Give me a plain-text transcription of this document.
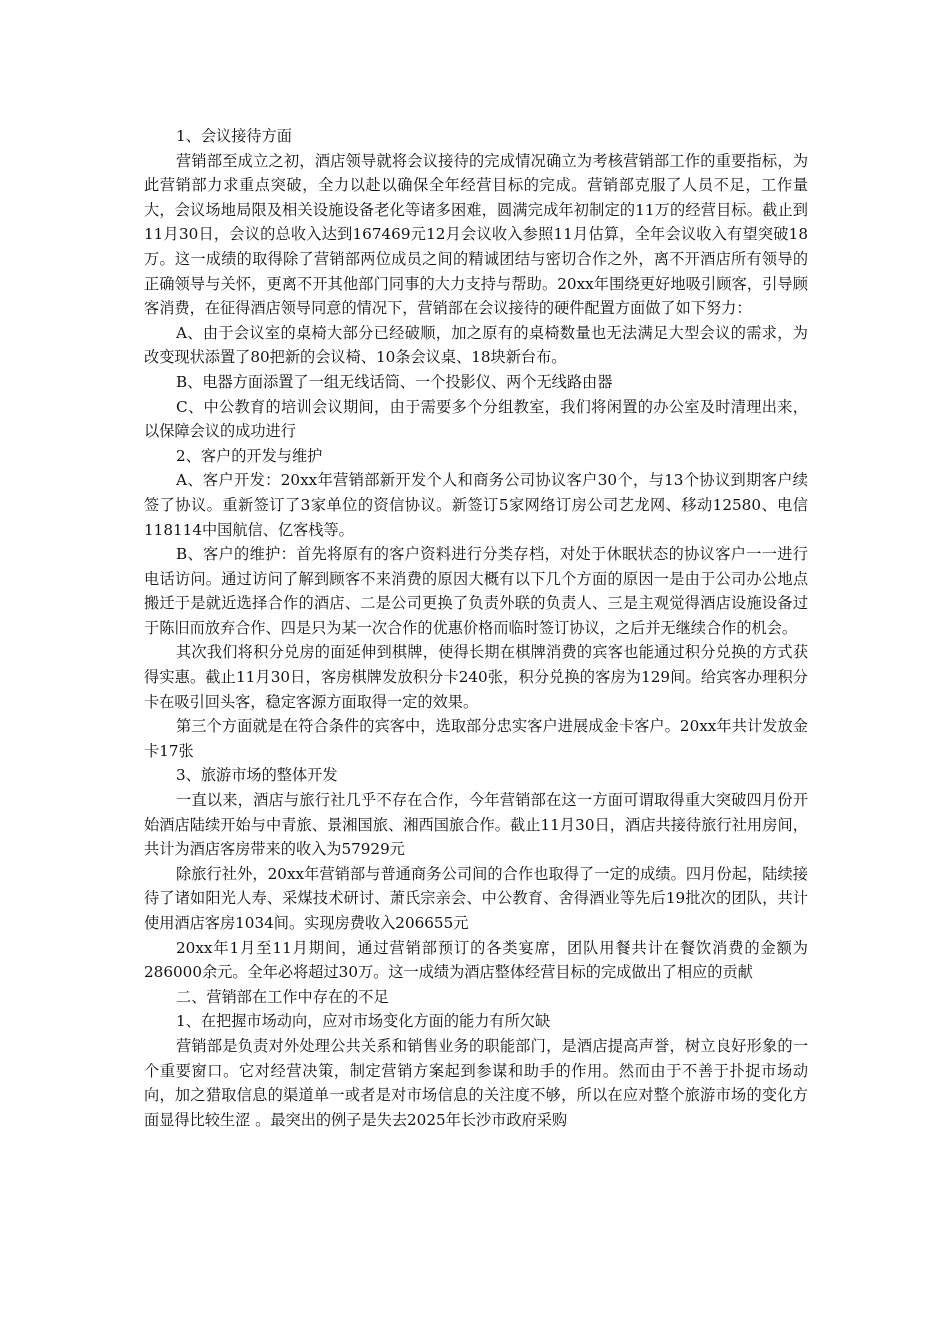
1、会议接待方面

营销部至成立之初，酒店领导就将会议接待的完成情况确立为考核营销部工作的重要指标，为此营销部力求重点突破，全力以赴以确保全年经营目标的完成。营销部克服了人员不足，工作量大，会议场地局限及相关设施设备老化等诸多困难，圆满完成年初制定的11万的经营目标。截止到11月30日，会议的总收入达到167469元12月会议收入参照11月估算，全年会议收入有望突破18万。这一成绩的取得除了营销部两位成员之间的精诚团结与密切合作之外，离不开酒店所有领导的正确领导与关怀，更离不开其他部门同事的大力支持与帮助。20xx年围绕更好地吸引顾客，引导顾客消费，在征得酒店领导同意的情况下，营销部在会议接待的硬件配置方面做了如下努力：

A、由于会议室的桌椅大部分已经破顺，加之原有的桌椅数量也无法满足大型会议的需求，为改变现状添置了80把新的会议椅、10条会议桌、18块新台布。

B、电器方面添置了一组无线话筒、一个投影仪、两个无线路由器

C、中公教育的培训会议期间，由于需要多个分组教室，我们将闲置的办公室及时清理出来，以保障会议的成功进行

2、客户的开发与维护

A、客户开发：20xx年营销部新开发个人和商务公司协议客户30个，与13个协议到期客户续签了协议。重新签订了3家单位的资信协议。新签订5家网络订房公司艺龙网、移动12580、电信118114中国航信、亿客栈等。

B、客户的维护：首先将原有的客户资料进行分类存档，对处于休眠状态的协议客户一一进行电话访问。通过访问了解到顾客不来消费的原因大概有以下几个方面的原因一是由于公司办公地点搬迁于是就近选择合作的酒店、二是公司更换了负责外联的负责人、三是主观觉得酒店设施设备过于陈旧而放弃合作、四是只为某一次合作的优惠价格而临时签订协议，之后并无继续合作的机会。

其次我们将积分兑房的面延伸到棋牌，使得长期在棋牌消费的宾客也能通过积分兑换的方式获得实惠。截止11月30日，客房棋牌发放积分卡240张，积分兑换的客房为129间。给宾客办理积分卡在吸引回头客，稳定客源方面取得一定的效果。

第三个方面就是在符合条件的宾客中，选取部分忠实客户进展成金卡客户。20xx年共计发放金卡17张

3、旅游市场的整体开发

一直以来，酒店与旅行社几乎不存在合作，今年营销部在这一方面可谓取得重大突破四月份开始酒店陆续开始与中青旅、景湘国旅、湘西国旅合作。截止11月30日，酒店共接待旅行社用房间，共计为酒店客房带来的收入为57929元

除旅行社外，20xx年营销部与普通商务公司间的合作也取得了一定的成绩。四月份起，陆续接待了诸如阳光人寿、采煤技术研讨、萧氏宗亲会、中公教育、舍得酒业等先后19批次的团队，共计使用酒店客房1034间。实现房费收入206655元

20xx年1月至11月期间，通过营销部预订的各类宴席，团队用餐共计在餐饮消费的金额为286000余元。全年必将超过30万。这一成绩为酒店整体经营目标的完成做出了相应的贡献

二、营销部在工作中存在的不足

1、在把握市场动向，应对市场变化方面的能力有所欠缺

营销部是负责对外处理公共关系和销售业务的职能部门，是酒店提高声誉，树立良好形象的一个重要窗口。它对经营决策，制定营销方案起到参谋和助手的作用。然而由于不善于扑捉市场动向，加之猎取信息的渠道单一或者是对市场信息的关注度不够，所以在应对整个旅游市场的变化方面显得比较生涩 。最突出的例子是失去2025年长沙市政府采购
